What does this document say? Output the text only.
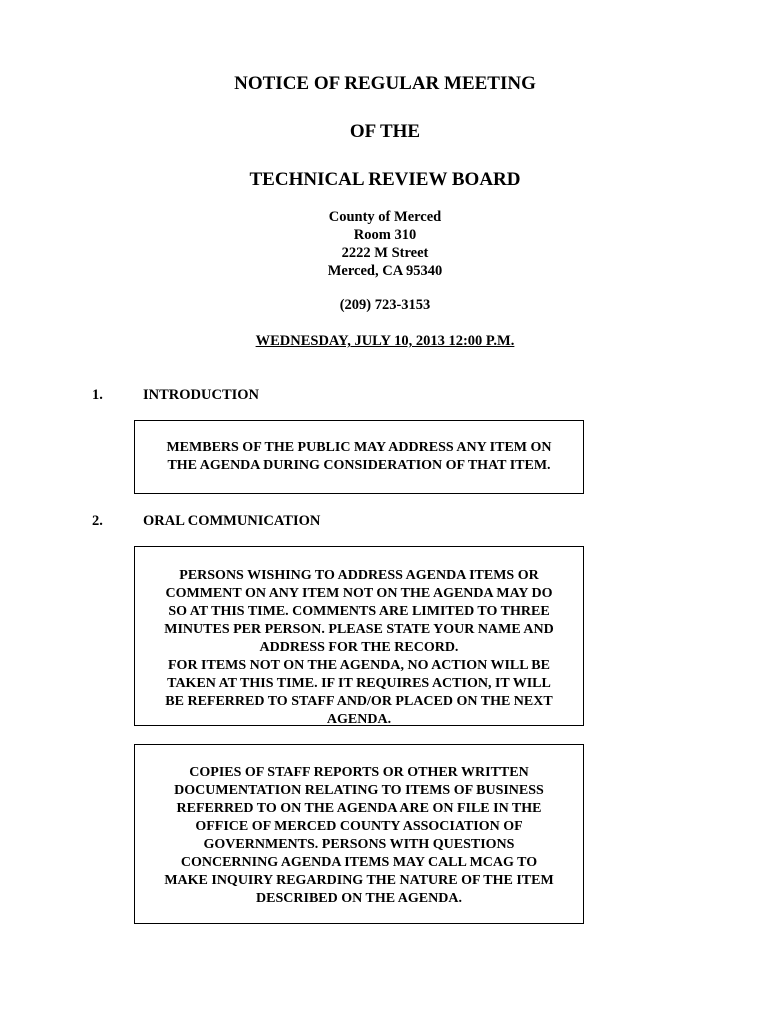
NOTICE OF REGULAR MEETING
OF THE
TECHNICAL REVIEW BOARD
County of Merced
Room 310
2222 M Street
Merced, CA 95340
(209) 723-3153
WEDNESDAY, JULY 10, 2013 12:00 P.M.
1.	INTRODUCTION
MEMBERS OF THE PUBLIC MAY ADDRESS ANY ITEM ON
THE AGENDA DURING CONSIDERATION OF THAT ITEM.
2.	ORAL COMMUNICATION
PERSONS WISHING TO ADDRESS AGENDA ITEMS OR
COMMENT ON ANY ITEM NOT ON THE AGENDA MAY DO
SO AT THIS TIME. COMMENTS ARE LIMITED TO THREE
MINUTES PER PERSON. PLEASE STATE YOUR NAME AND
ADDRESS FOR THE RECORD.
FOR ITEMS NOT ON THE AGENDA, NO ACTION WILL BE
TAKEN AT THIS TIME. IF IT REQUIRES ACTION, IT WILL
BE REFERRED TO STAFF AND/OR PLACED ON THE NEXT
AGENDA.
COPIES OF STAFF REPORTS OR OTHER WRITTEN
DOCUMENTATION RELATING TO ITEMS OF BUSINESS
REFERRED TO ON THE AGENDA ARE ON FILE IN THE
OFFICE OF MERCED COUNTY ASSOCIATION OF
GOVERNMENTS. PERSONS WITH QUESTIONS
CONCERNING AGENDA ITEMS MAY CALL MCAG TO
MAKE INQUIRY REGARDING THE NATURE OF THE ITEM
DESCRIBED ON THE AGENDA.
